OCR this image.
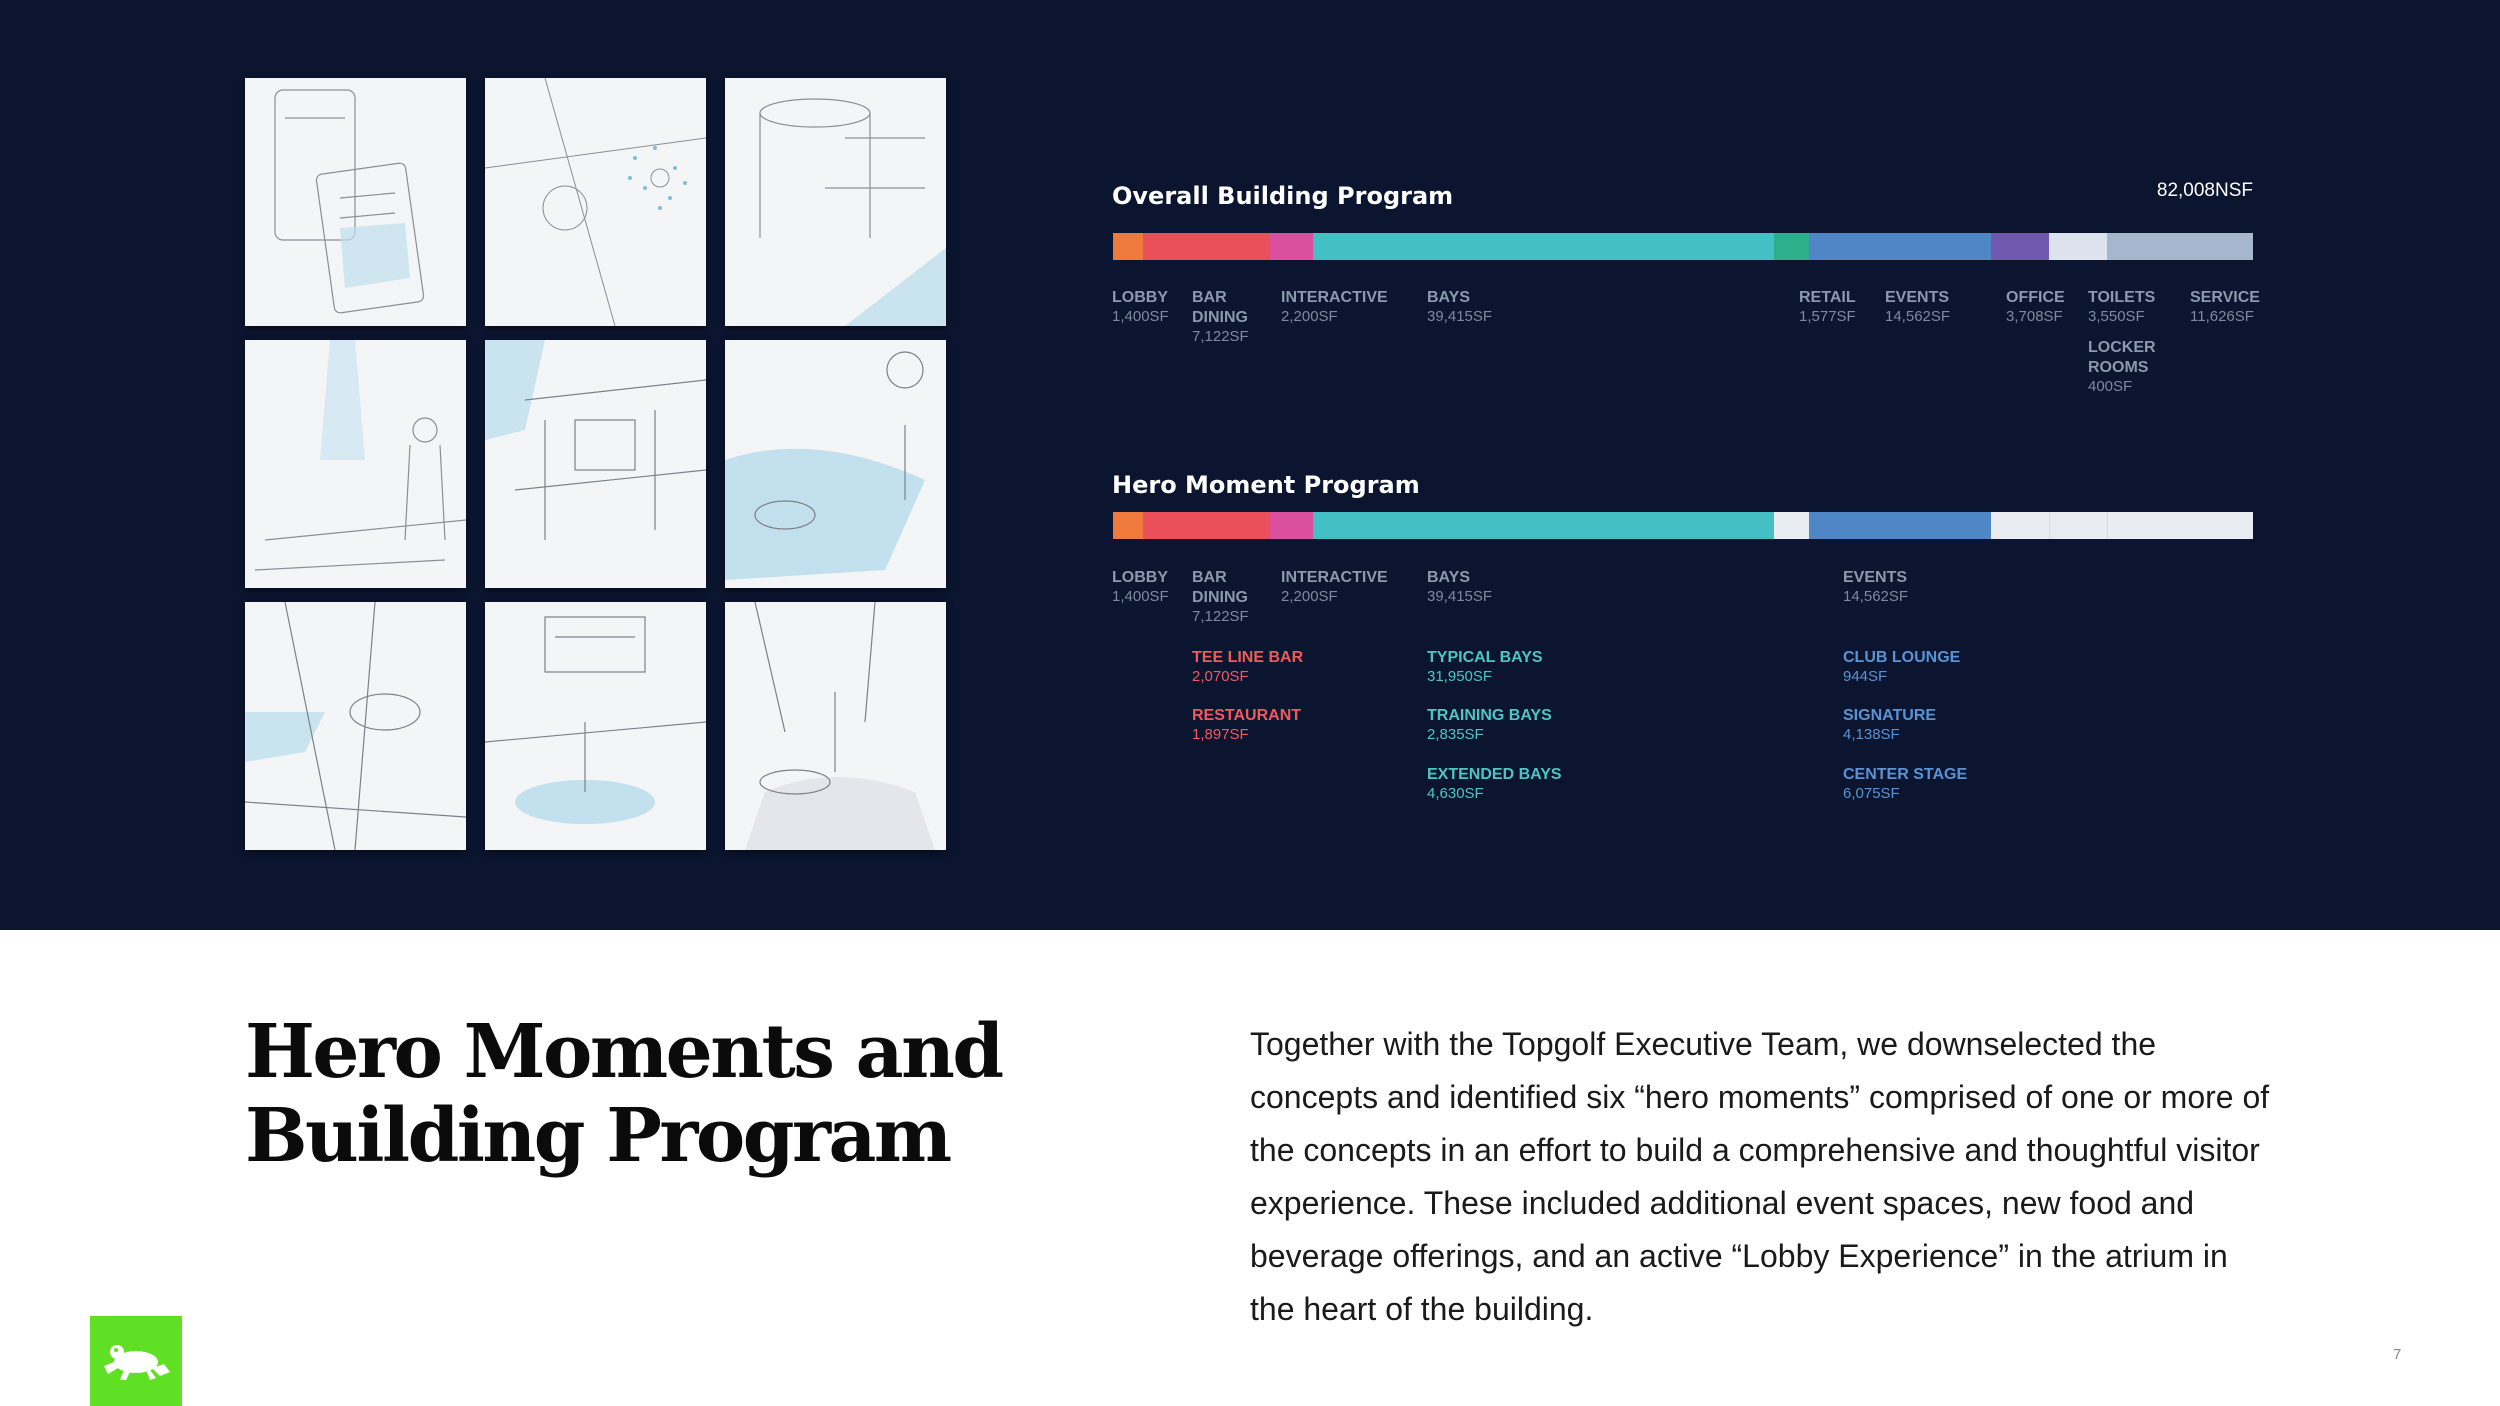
Overall Building Program	82,008NSF
LOBBY
1,400SF
BAR DINING
7,122SF
INTERACTIVE
2,200SF
BAYS
39,415SF
RETAIL
1,577SF
EVENTS
14,562SF
OFFICE
3,708SF
TOILETS
3,550SF
LOCKER ROOMS
400SF
SERVICE
11,626SF
Hero Moment Program
LOBBY
1,400SF
BAR DINING
7,122SF
INTERACTIVE
2,200SF
BAYS
39,415SF
EVENTS
14,562SF
TEE LINE BAR
2,070SF
RESTAURANT
1,897SF
TYPICAL BAYS
31,950SF
TRAINING BAYS
2,835SF
EXTENDED BAYS
4,630SF
CLUB LOUNGE
944SF
SIGNATURE
4,138SF
CENTER STAGE
6,075SF
Hero Moments and Building Program

Together with the Topgolf Executive Team, we downselected the concepts and identified six “hero moments” comprised of one or more of the concepts in an effort to build a comprehensive and thoughtful visitor experience. These included additional event spaces, new food and beverage offerings, and an active “Lobby Experience” in the atrium in the heart of the building.

7
